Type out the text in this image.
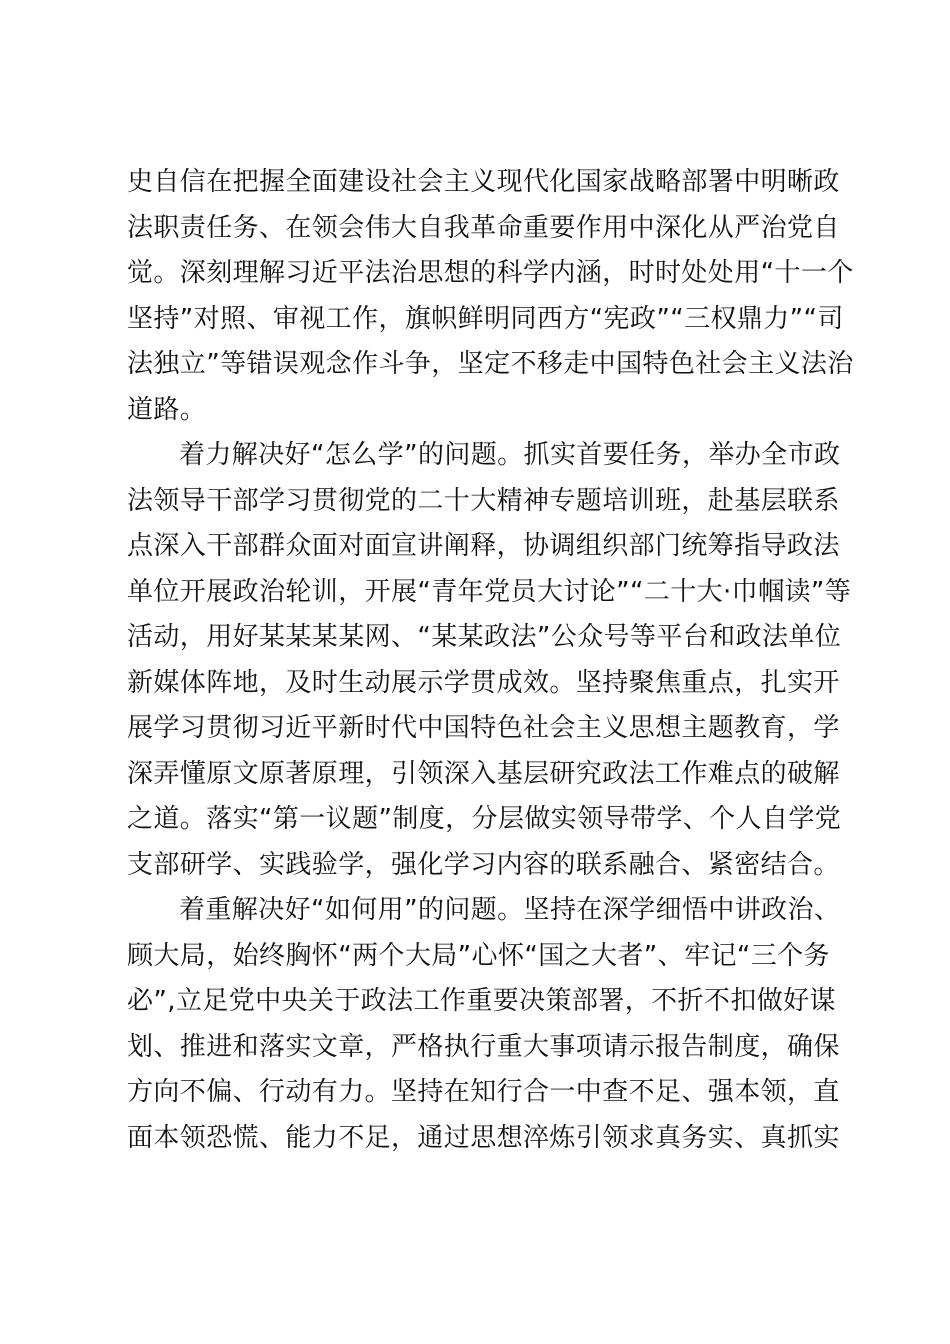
史自信在把握全面建设社会主义现代化国家战略部署中明晰政
法职责任务、在领会伟大自我革命重要作用中深化从严治党自
觉。深刻理解习近平法治思想的科学内涵，时时处处用“十一个
坚持”对照、审视工作，旗帜鲜明同西方“宪政”“三权鼎力”“司
法独立”等错误观念作斗争，坚定不移走中国特色社会主义法治
道路。
着力解决好“怎么学”的问题。抓实首要任务，举办全市政
法领导干部学习贯彻党的二十大精神专题培训班，赴基层联系
点深入干部群众面对面宣讲阐释，协调组织部门统筹指导政法
单位开展政治轮训，开展“青年党员大讨论”“二十大·巾帼读”等
活动，用好某某某某网、“某某政法”公众号等平台和政法单位
新媒体阵地，及时生动展示学贯成效。坚持聚焦重点，扎实开
展学习贯彻习近平新时代中国特色社会主义思想主题教育，学
深弄懂原文原著原理，引领深入基层研究政法工作难点的破解
之道。落实“第一议题”制度，分层做实领导带学、个人自学党
支部研学、实践验学，强化学习内容的联系融合、紧密结合。
着重解决好“如何用”的问题。坚持在深学细悟中讲政治、
顾大局，始终胸怀“两个大局”心怀“国之大者”、牢记“三个务
必”,立足党中央关于政法工作重要决策部署，不折不扣做好谋
划、推进和落实文章，严格执行重大事项请示报告制度，确保
方向不偏、行动有力。坚持在知行合一中查不足、强本领，直
面本领恐慌、能力不足，通过思想淬炼引领求真务实、真抓实
